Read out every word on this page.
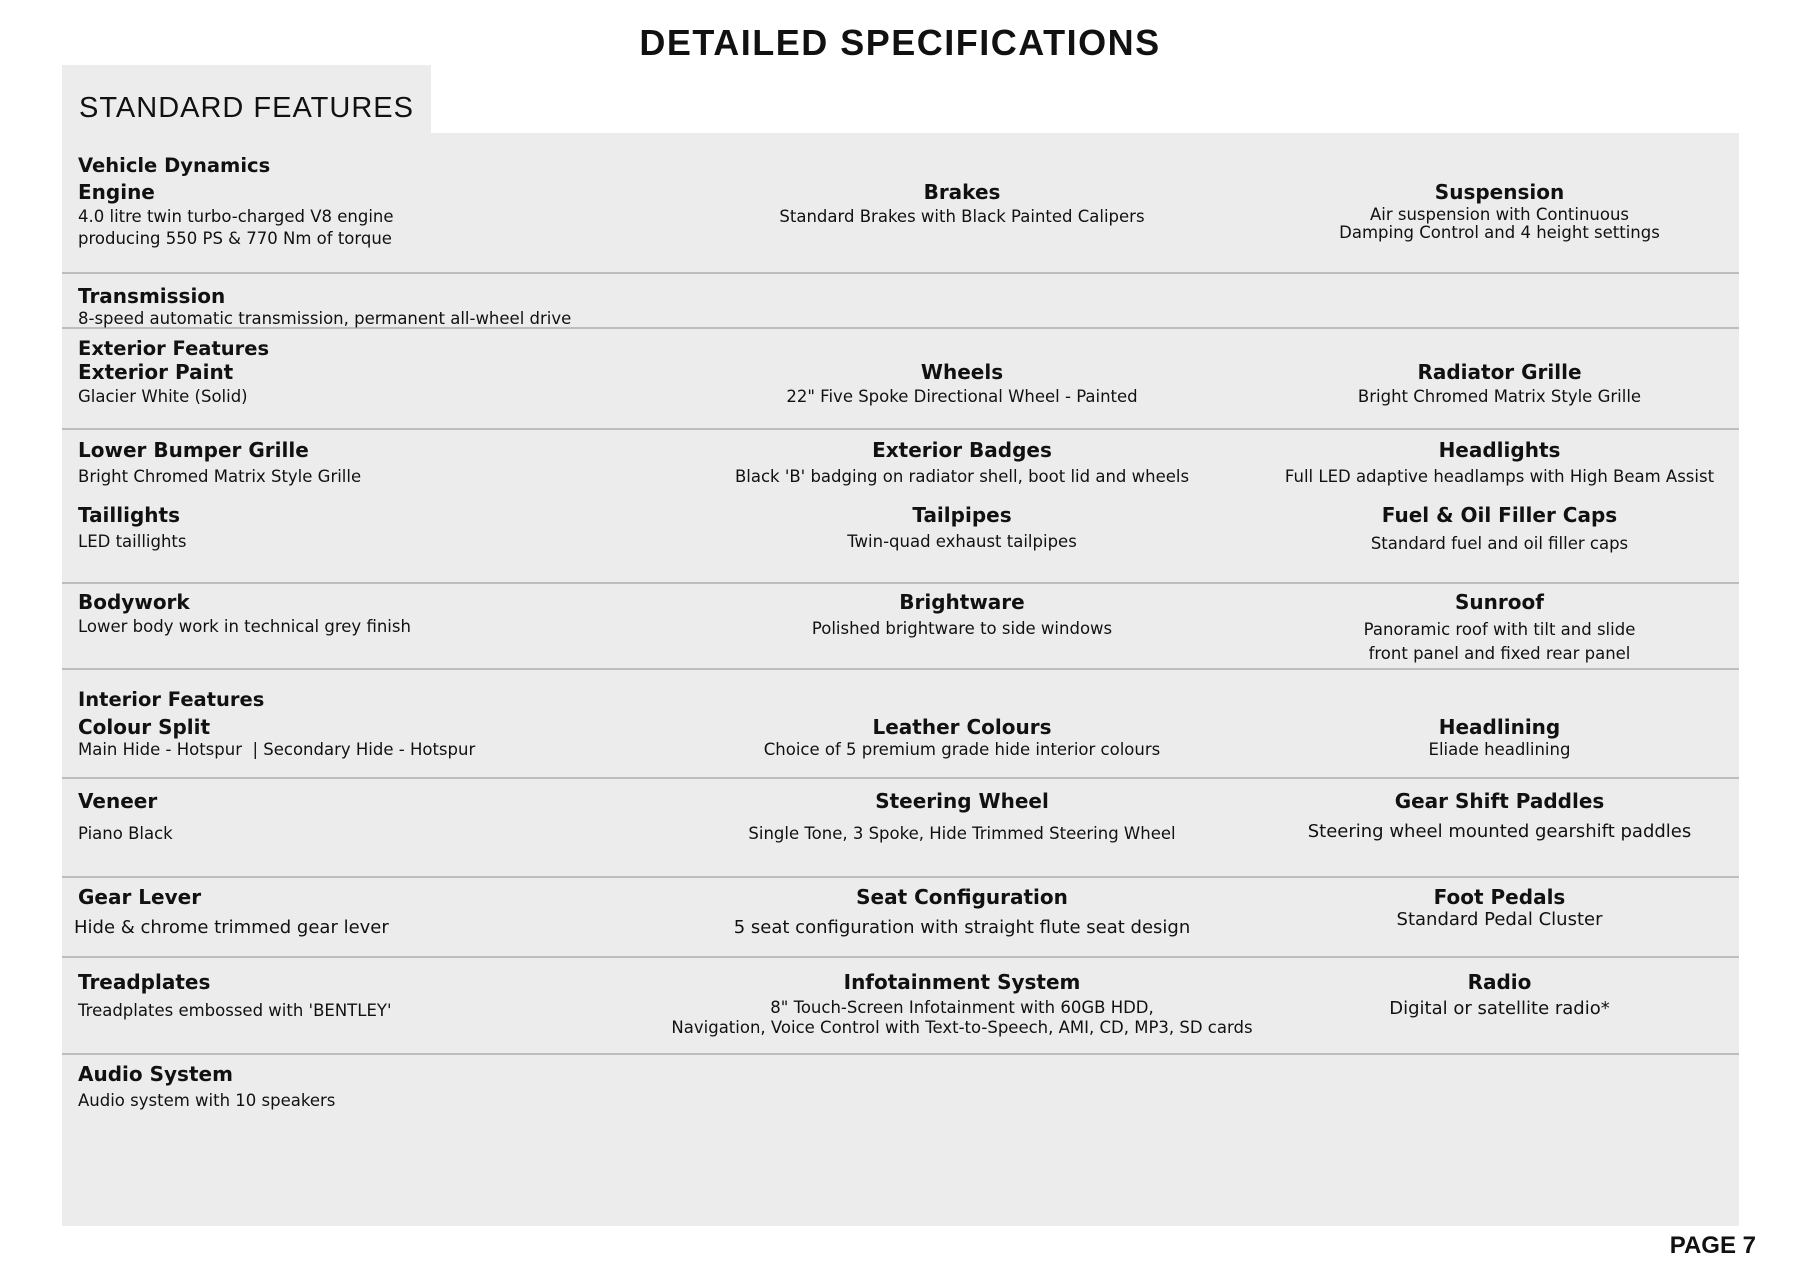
DETAILED SPECIFICATIONS
STANDARD FEATURES
Vehicle Dynamics
Engine
4.0 litre twin turbo-charged V8 engine
producing 550 PS & 770 Nm of torque
Brakes
Standard Brakes with Black Painted Calipers
Suspension
Air suspension with Continuous
Damping Control and 4 height settings
Transmission
8-speed automatic transmission, permanent all-wheel drive
Exterior Features
Exterior Paint
Glacier White (Solid)
Wheels
22" Five Spoke Directional Wheel - Painted
Radiator Grille
Bright Chromed Matrix Style Grille
Lower Bumper Grille
Bright Chromed Matrix Style Grille
Exterior Badges
Black 'B' badging on radiator shell, boot lid and wheels
Headlights
Full LED adaptive headlamps with High Beam Assist
Taillights
LED taillights
Tailpipes
Twin-quad exhaust tailpipes
Fuel & Oil Filler Caps
Standard fuel and oil filler caps
Bodywork
Lower body work in technical grey finish
Brightware
Polished brightware to side windows
Sunroof
Panoramic roof with tilt and slide
front panel and fixed rear panel
Interior Features
Colour Split
Main Hide - Hotspur  | Secondary Hide - Hotspur
Leather Colours
Choice of 5 premium grade hide interior colours
Headlining
Eliade headlining
Veneer
Piano Black
Steering Wheel
Single Tone, 3 Spoke, Hide Trimmed Steering Wheel
Gear Shift Paddles
Steering wheel mounted gearshift paddles
Gear Lever
Hide & chrome trimmed gear lever
Seat Configuration
5 seat configuration with straight flute seat design
Foot Pedals
Standard Pedal Cluster
Treadplates
Treadplates embossed with 'BENTLEY'
Infotainment System
8" Touch-Screen Infotainment with 60GB HDD,
Navigation, Voice Control with Text-to-Speech, AMI, CD, MP3, SD cards
Radio
Digital or satellite radio*
Audio System
Audio system with 10 speakers
PAGE 7
